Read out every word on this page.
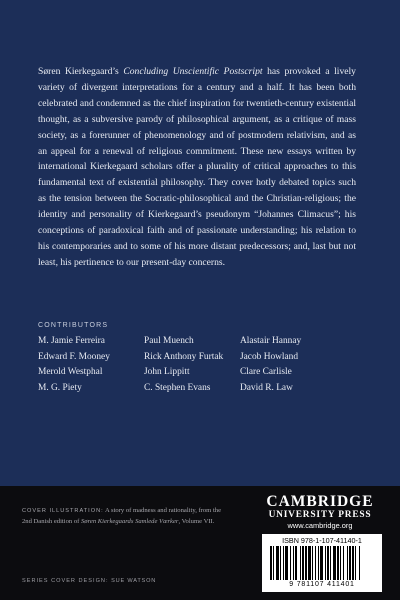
Søren Kierkegaard’s Concluding Unscientific Postscript has provoked a lively variety of divergent interpretations for a century and a half. It has been both celebrated and condemned as the chief inspiration for twentieth-century existential thought, as a subversive parody of philosophical argument, as a critique of mass society, as a forerunner of phenomenology and of postmodern relativism, and as an appeal for a renewal of religious commitment. These new essays written by international Kierkegaard scholars offer a plurality of critical approaches to this fundamental text of existential philosophy. They cover hotly debated topics such as the tension between the Socratic-philosophical and the Christian-religious; the identity and personality of Kierkegaard’s pseudonym “Johannes Climacus”; his conceptions of paradoxical faith and of passionate understanding; his relation to his contemporaries and to some of his more distant predecessors; and, last but not least, his pertinence to our present-day concerns.

CONTRIBUTORS
M. Jamie Ferreira
Edward F. Mooney
Merold Westphal
M. G. Piety
Paul Muench
Rick Anthony Furtak
John Lippitt
C. Stephen Evans
Alastair Hannay
Jacob Howland
Clare Carlisle
David R. Law

COVER ILLUSTRATION: A story of madness and rationality, from the 2nd Danish edition of Søren Kierkegaards Samlede Værker, Volume VII.

SERIES COVER DESIGN: SUE WATSON
CAMBRIDGE
UNIVERSITY PRESS
www.cambridge.org
ISBN 978-1-107-41140-1
9 781107 411401
